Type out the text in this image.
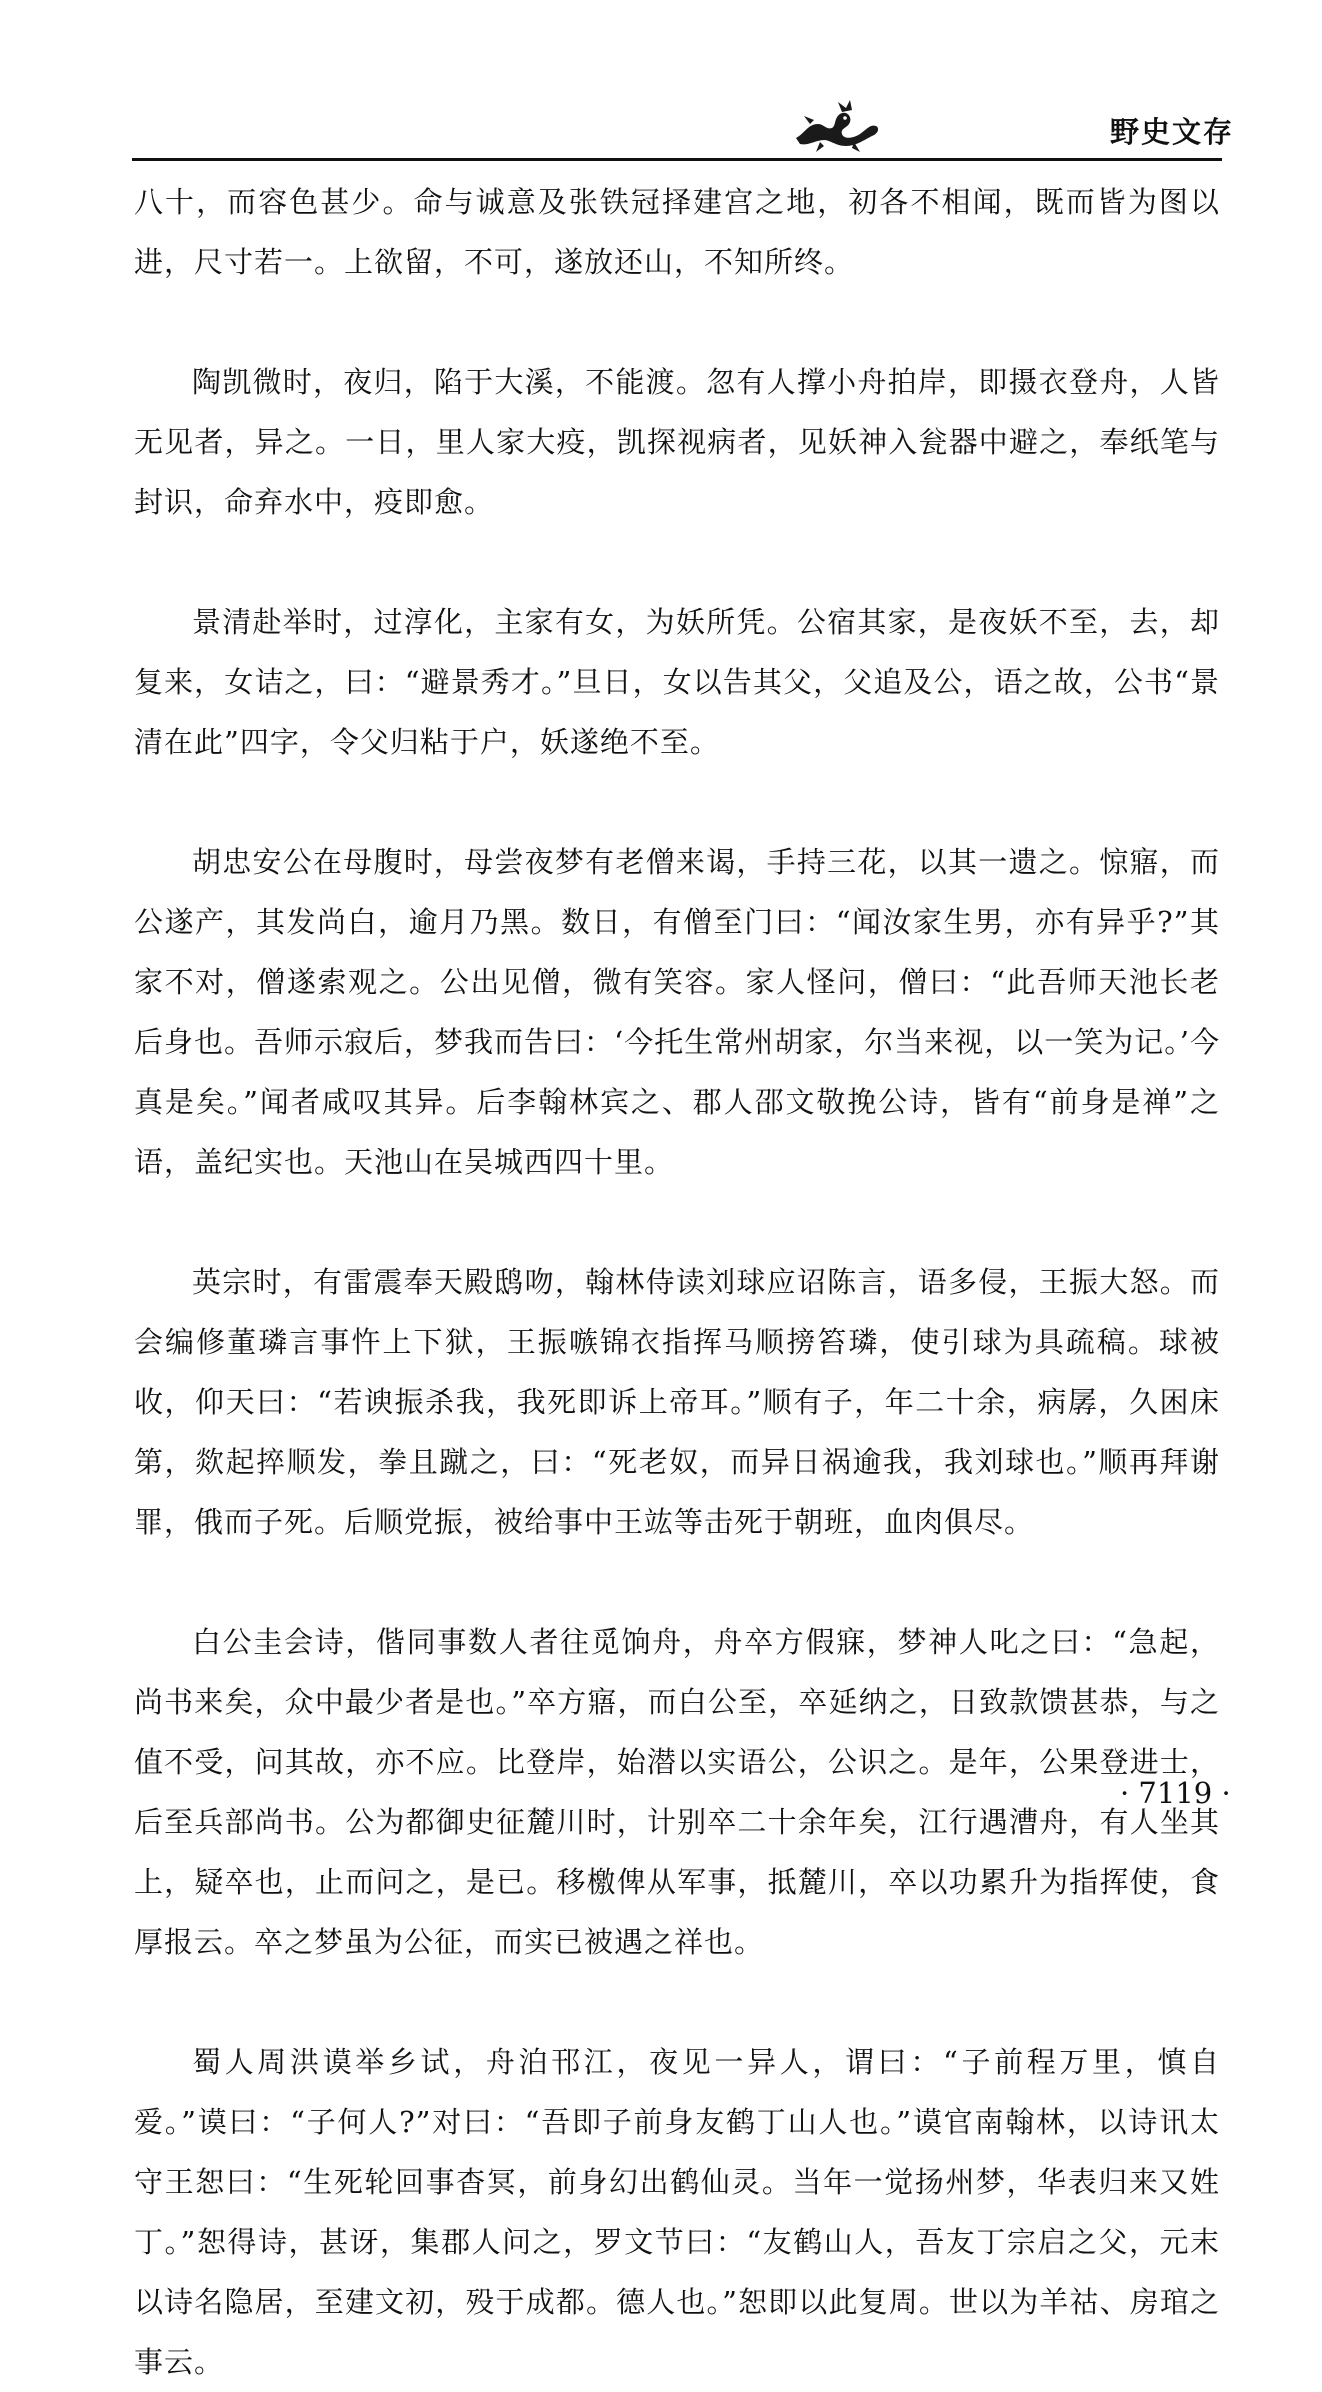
野史文存

八十，而容色甚少。命与诚意及张铁冠择建宫之地，初各不相闻，既而皆为图以进，尺寸若一。上欲留，不可，遂放还山，不知所终。

陶凯微时，夜归，陷于大溪，不能渡。忽有人撑小舟拍岸，即摄衣登舟，人皆无见者，异之。一日，里人家大疫，凯探视病者，见妖神入瓮器中避之，奉纸笔与封识，命弃水中，疫即愈。

景清赴举时，过淳化，主家有女，为妖所凭。公宿其家，是夜妖不至，去，却复来，女诘之，曰：“避景秀才。”旦日，女以告其父，父追及公，语之故，公书“景清在此”四字，令父归粘于户，妖遂绝不至。

胡忠安公在母腹时，母尝夜梦有老僧来谒，手持三花，以其一遗之。惊寤，而公遂产，其发尚白，逾月乃黑。数日，有僧至门曰：“闻汝家生男，亦有异乎?”其家不对，僧遂索观之。公出见僧，微有笑容。家人怪问，僧曰：“此吾师天池长老后身也。吾师示寂后，梦我而告曰：‘今托生常州胡家，尔当来视，以一笑为记。’今真是矣。”闻者咸叹其异。后李翰林宾之、郡人邵文敬挽公诗，皆有“前身是禅”之语，盖纪实也。天池山在吴城西四十里。

英宗时，有雷震奉天殿鸱吻，翰林侍读刘球应诏陈言，语多侵，王振大怒。而会编修董璘言事忤上下狱，王振嗾锦衣指挥马顺搒笞璘，使引球为具疏稿。球被收，仰天曰：“若谀振杀我，我死即诉上帝耳。”顺有子，年二十余，病孱，久困床第，欻起捽顺发，拳且蹴之，曰：“死老奴，而异日祸逾我，我刘球也。”顺再拜谢罪，俄而子死。后顺党振，被给事中王竑等击死于朝班，血肉俱尽。

白公圭会诗，偕同事数人者往觅饷舟，舟卒方假寐，梦神人叱之曰：“急起，尚书来矣，众中最少者是也。”卒方寤，而白公至，卒延纳之，日致款馈甚恭，与之值不受，问其故，亦不应。比登岸，始潜以实语公，公识之。是年，公果登进士，后至兵部尚书。公为都御史征麓川时，计别卒二十余年矣，江行遇漕舟，有人坐其上，疑卒也，止而问之，是已。移檄俾从军事，抵麓川，卒以功累升为指挥使，食厚报云。卒之梦虽为公征，而实已被遇之祥也。

蜀人周洪谟举乡试，舟泊邗江，夜见一异人，谓曰：“子前程万里，慎自爱。”谟曰：“子何人?”对曰：“吾即子前身友鹤丁山人也。”谟官南翰林，以诗讯太守王恕曰：“生死轮回事杳冥，前身幻出鹤仙灵。当年一觉扬州梦，华表归来又姓丁。”恕得诗，甚讶，集郡人问之，罗文节曰：“友鹤山人，吾友丁宗启之父，元末以诗名隐居，至建文初，殁于成都。德人也。”恕即以此复周。世以为羊祜、房琯之事云。

· 7119 ·
